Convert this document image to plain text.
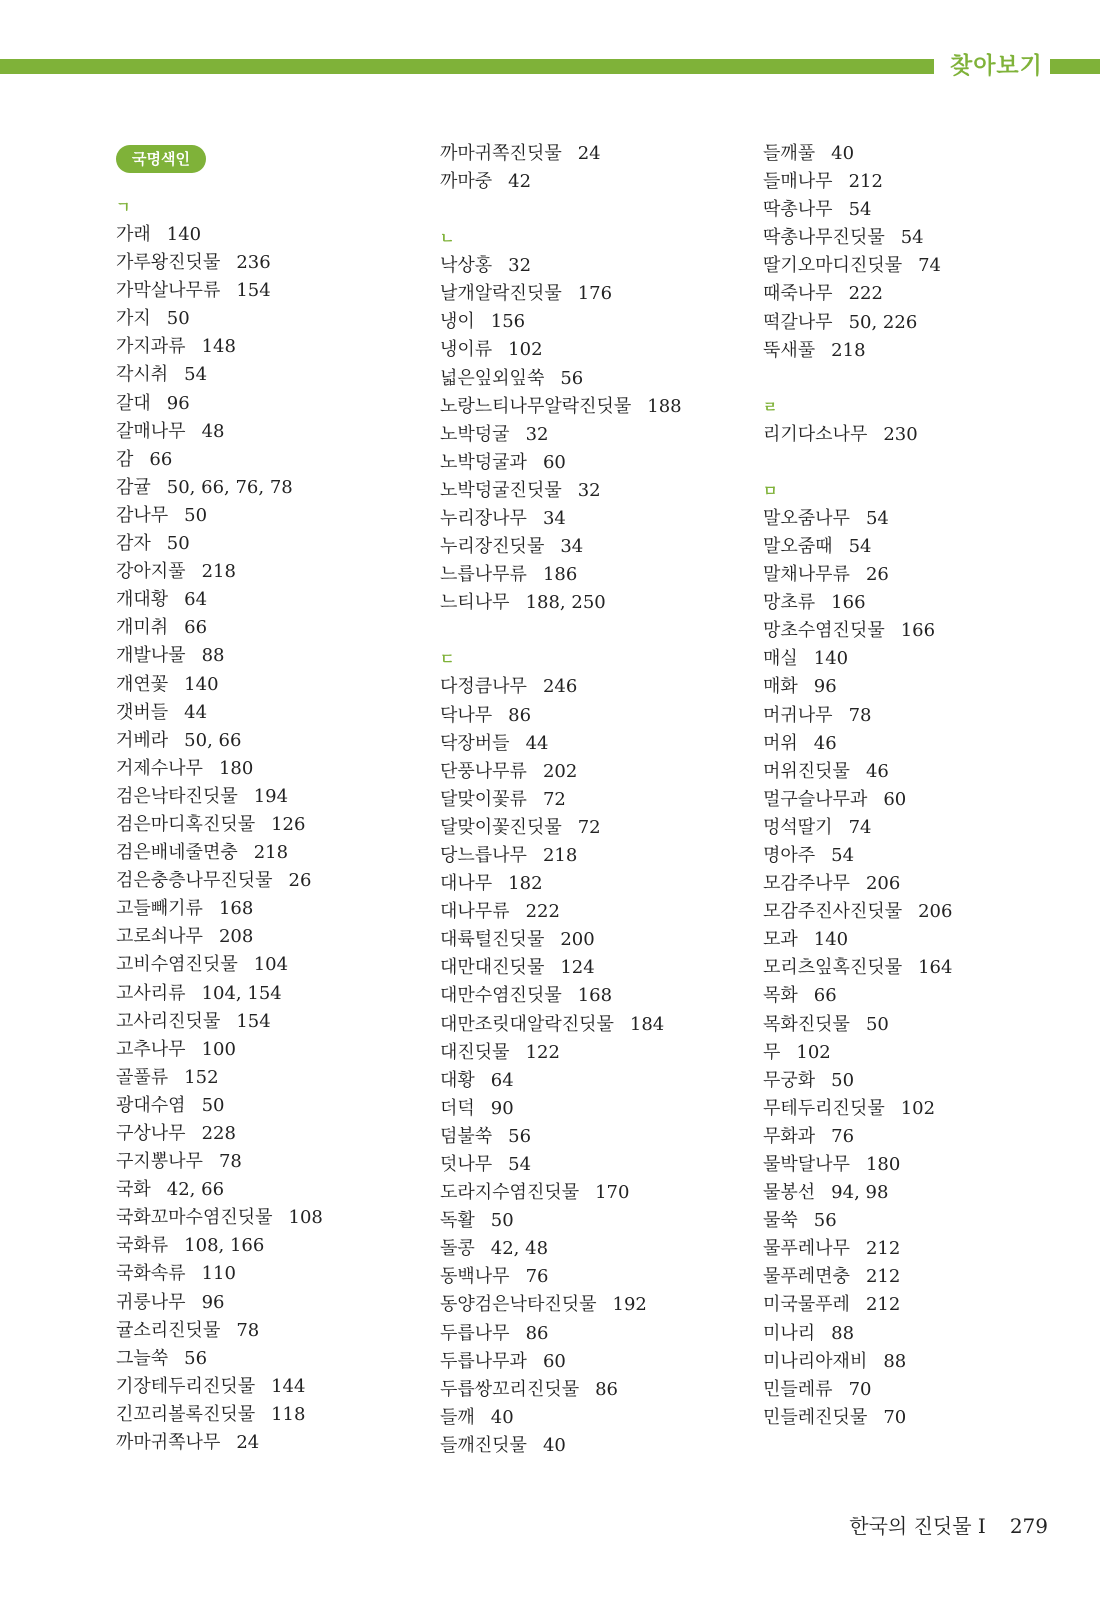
찾아보기
국명색인
ㄱ
가래 140
가루왕진딧물 236
가막살나무류 154
가지 50
가지과류 148
각시취 54
갈대 96
갈매나무 48
감 66
감귤 50, 66, 76, 78
감나무 50
감자 50
강아지풀 218
개대황 64
개미취 66
개발나물 88
개연꽃 140
갯버들 44
거베라 50, 66
거제수나무 180
검은낙타진딧물 194
검은마디혹진딧물 126
검은배네줄면충 218
검은충층나무진딧물 26
고들빼기류 168
고로쇠나무 208
고비수염진딧물 104
고사리류 104, 154
고사리진딧물 154
고추나무 100
골풀류 152
광대수염 50
구상나무 228
구지뽕나무 78
국화 42, 66
국화꼬마수염진딧물 108
국화류 108, 166
국화속류 110
귀룽나무 96
귤소리진딧물 78
그늘쑥 56
기장테두리진딧물 144
긴꼬리볼록진딧물 118
까마귀쪽나무 24
까마귀쪽진딧물 24
까마중 42
ㄴ
낙상홍 32
날개알락진딧물 176
냉이 156
냉이류 102
넓은잎외잎쑥 56
노랑느티나무알락진딧물 188
노박덩굴 32
노박덩굴과 60
노박덩굴진딧물 32
누리장나무 34
누리장진딧물 34
느릅나무류 186
느티나무 188, 250
ㄷ
다정큼나무 246
닥나무 86
닥장버들 44
단풍나무류 202
달맞이꽃류 72
달맞이꽃진딧물 72
당느릅나무 218
대나무 182
대나무류 222
대륙털진딧물 200
대만대진딧물 124
대만수염진딧물 168
대만조릿대알락진딧물 184
대진딧물 122
대황 64
더덕 90
덤불쑥 56
덧나무 54
도라지수염진딧물 170
독활 50
돌콩 42, 48
동백나무 76
동양검은낙타진딧물 192
두릅나무 86
두릅나무과 60
두릅쌍꼬리진딧물 86
들깨 40
들깨진딧물 40
들깨풀 40
들매나무 212
딱총나무 54
딱총나무진딧물 54
딸기오마디진딧물 74
때죽나무 222
떡갈나무 50, 226
뚝새풀 218
ㄹ
리기다소나무 230
ㅁ
말오줌나무 54
말오줌때 54
말채나무류 26
망초류 166
망초수염진딧물 166
매실 140
매화 96
머귀나무 78
머위 46
머위진딧물 46
멀구슬나무과 60
멍석딸기 74
명아주 54
모감주나무 206
모감주진사진딧물 206
모과 140
모리츠잎혹진딧물 164
목화 66
목화진딧물 50
무 102
무궁화 50
무테두리진딧물 102
무화과 76
물박달나무 180
물봉선 94, 98
물쑥 56
물푸레나무 212
물푸레면충 212
미국물푸레 212
미나리 88
미나리아재비 88
민들레류 70
민들레진딧물 70
한국의 진딧물 I 279
